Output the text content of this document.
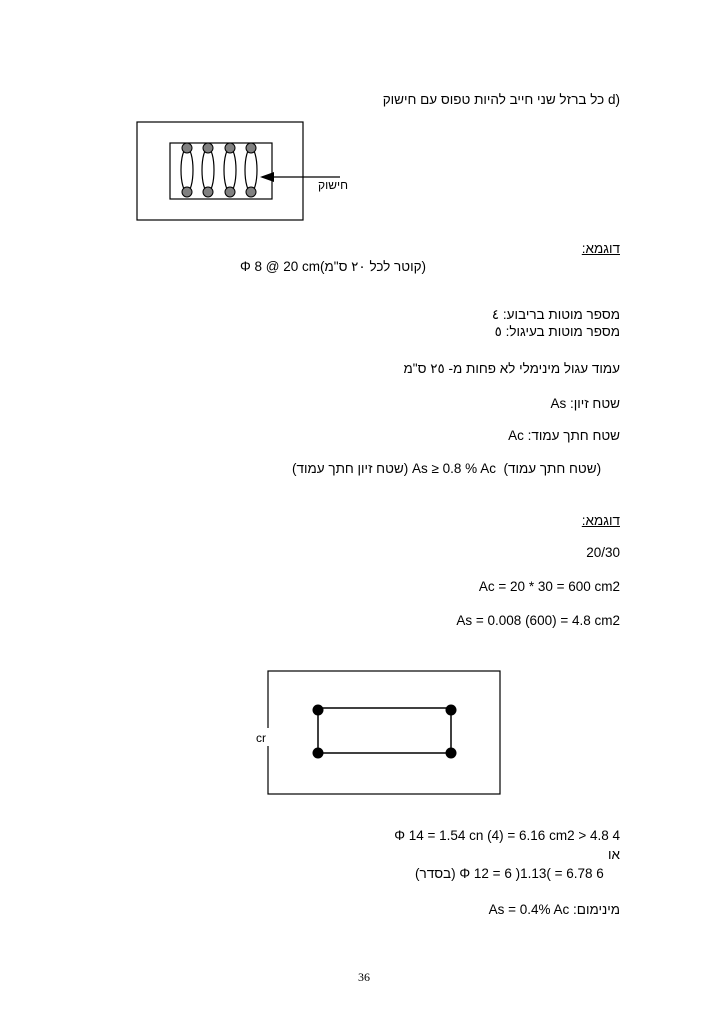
d) כל ברזל שני חייב להיות טפוס עם חישוק
חישוק
דוגמא:
(קוטר לכל ٢٠ ס"מ)Φ 8 @ 20 cm
מספר מוטות בריבוע: ٤
מספר מוטות בעיגול: ٥
עמוד עגול מינימלי לא פחות מ- ٢٥ ס"מ
שטח זיון: As
שטח חתך עמוד: Ac
(שטח זיון חתך עמוד) As ≥ 0.8 % Ac (שטח חתך עמוד)
דוגמא:
20/30
Ac = 20 * 30 = 600 cm2
As = 0.008 (600) = 4.8 cm2
cr
Φ 14 = 1.54 cn (4) = 6.16 cm2 > 4.8 4
או
(בסדר) Φ 12 = 6 )1.13( = 6.78 6
מינימום: As = 0.4% Ac
36
